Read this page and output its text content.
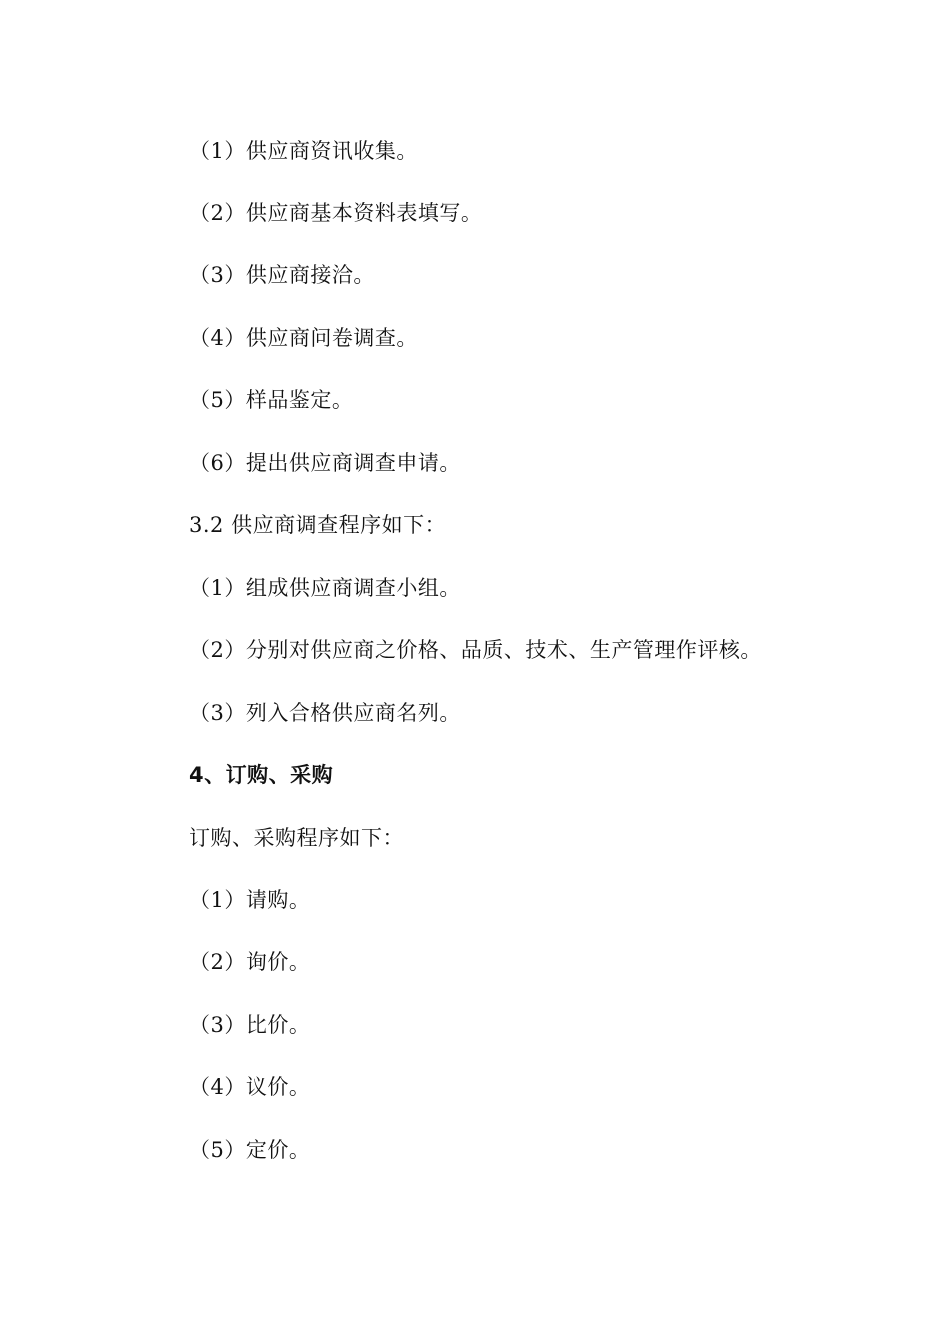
（1）供应商资讯收集。
（2）供应商基本资料表填写。
（3）供应商接洽。
（4）供应商问卷调查。
（5）样品鉴定。
（6）提出供应商调查申请。
3.2 供应商调查程序如下：
（1）组成供应商调查小组。
（2）分别对供应商之价格、品质、技术、生产管理作评核。
（3）列入合格供应商名列。
4、订购、采购
订购、采购程序如下：
（1）请购。
（2）询价。
（3）比价。
（4）议价。
（5）定价。
